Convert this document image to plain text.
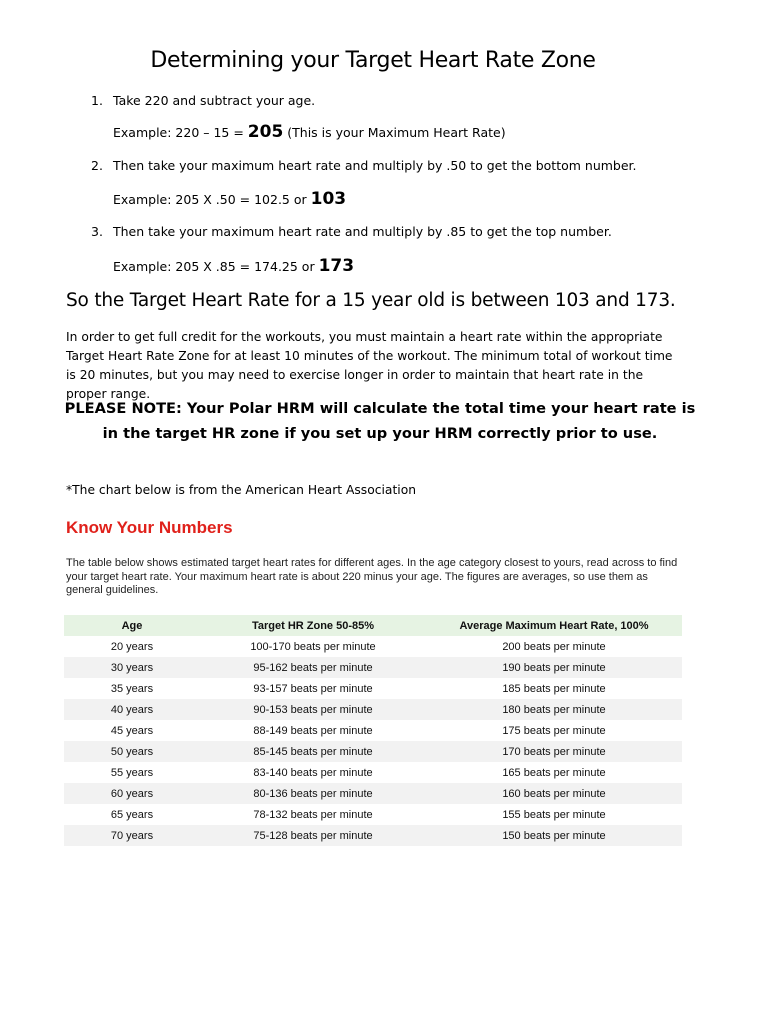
Determining your Target Heart Rate Zone
1. Take 220 and subtract your age.
Example: 220 – 15 = 205 (This is your Maximum Heart Rate)
2. Then take your maximum heart rate and multiply by .50 to get the bottom number.
Example: 205 X .50 = 102.5 or 103
3. Then take your maximum heart rate and multiply by .85 to get the top number.
Example: 205 X .85 = 174.25 or 173
So the Target Heart Rate for a 15 year old is between 103 and 173.
In order to get full credit for the workouts, you must maintain a heart rate within the appropriate Target Heart Rate Zone for at least 10 minutes of the workout. The minimum total of workout time is 20 minutes, but you may need to exercise longer in order to maintain that heart rate in the proper range.
PLEASE NOTE: Your Polar HRM will calculate the total time your heart rate is in the target HR zone if you set up your HRM correctly prior to use.
*The chart below is from the American Heart Association
Know Your Numbers
The table below shows estimated target heart rates for different ages. In the age category closest to yours, read across to find your target heart rate. Your maximum heart rate is about 220 minus your age. The figures are averages, so use them as general guidelines.
Age	Target HR Zone 50-85%	Average Maximum Heart Rate, 100%
20 years	100-170 beats per minute	200 beats per minute
30 years	95-162 beats per minute	190 beats per minute
35 years	93-157 beats per minute	185 beats per minute
40 years	90-153 beats per minute	180 beats per minute
45 years	88-149 beats per minute	175 beats per minute
50 years	85-145 beats per minute	170 beats per minute
55 years	83-140 beats per minute	165 beats per minute
60 years	80-136 beats per minute	160 beats per minute
65 years	78-132 beats per minute	155 beats per minute
70 years	75-128 beats per minute	150 beats per minute
